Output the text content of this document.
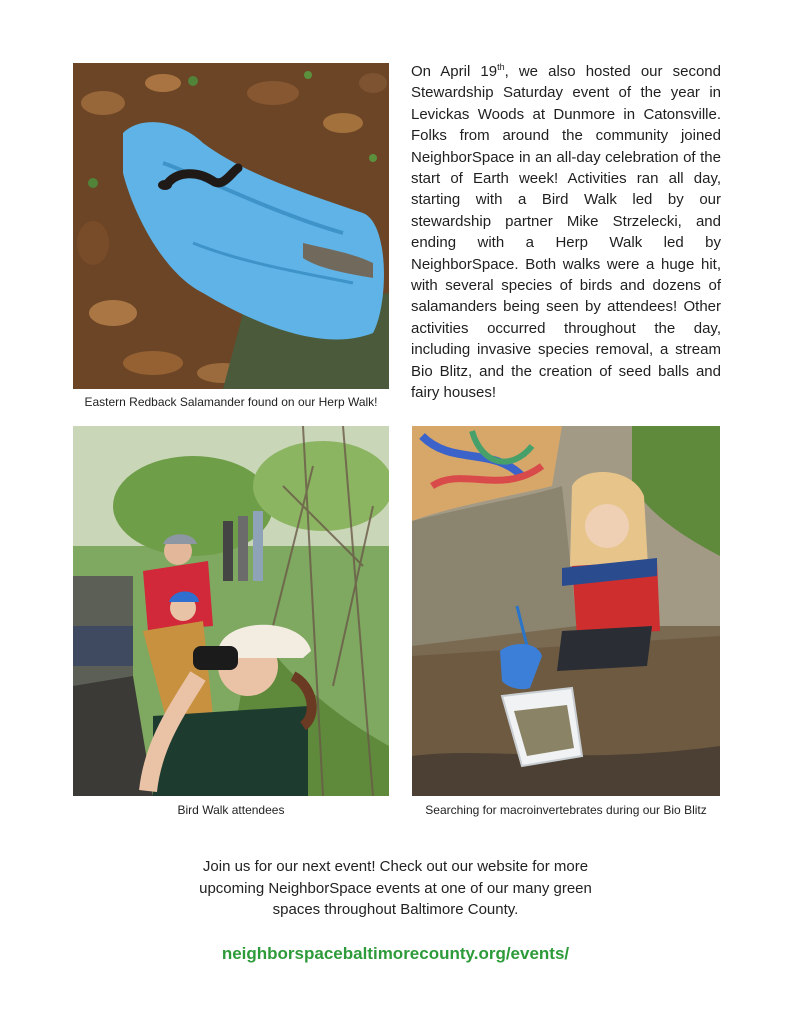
Eastern Redback Salamander found on our Herp Walk!
On April 19th, we also hosted our second Stewardship Saturday event of the year in Levickas Woods at Dunmore in Catonsville. Folks from around the community joined NeighborSpace in an all-day celebration of the start of Earth week! Activities ran all day, starting with a Bird Walk led by our stewardship partner Mike Strzelecki, and ending with a Herp Walk led by NeighborSpace. Both walks were a huge hit, with several species of birds and dozens of salamanders being seen by attendees! Other activities occurred throughout the day, including invasive species removal, a stream Bio Blitz, and the creation of seed balls and fairy houses!
Bird Walk attendees	Searching for macroinvertebrates during our Bio Blitz
Join us for our next event! Check out our website for more upcoming NeighborSpace events at one of our many green spaces throughout Baltimore County.
neighborspacebaltimorecounty.org/events/
